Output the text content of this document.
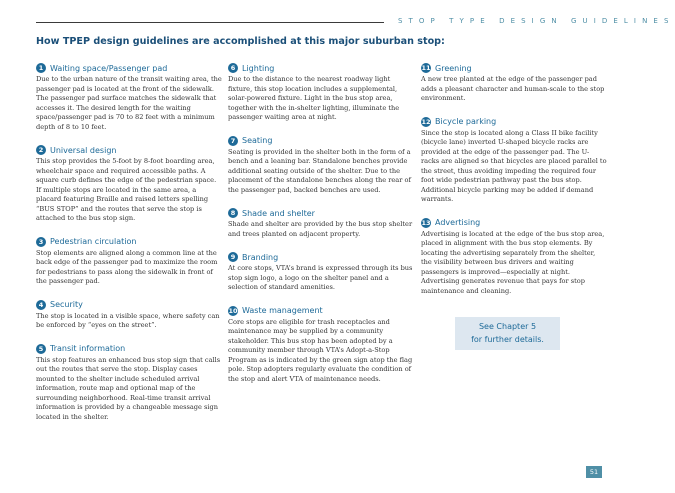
STOP TYPE DESIGN GUIDELINES
How TPEP design guidelines are accomplished at this major suburban stop:
1 Waiting space/Passenger pad

Due to the urban nature of the transit waiting area, the passenger pad is located at the front of the sidewalk. The passenger pad surface matches the sidewalk that accesses it. The desired length for the waiting space/passenger pad is 70 to 82 feet with a minimum depth of 8 to 10 feet.

2 Universal design

This stop provides the 5-foot by 8-foot boarding area, wheelchair space and required accessible paths. A square curb defines the edge of the pedestrian space. If multiple stops are located in the same area, a placard featuring Braille and raised letters spelling “BUS STOP” and the routes that serve the stop is attached to the bus stop sign.

3 Pedestrian circulation

Stop elements are aligned along a common line at the back edge of the passenger pad to maximize the room for pedestrians to pass along the sidewalk in front of the passenger pad.

4 Security

The stop is located in a visible space, where safety can be enforced by “eyes on the street”.

5 Transit information

This stop features an enhanced bus stop sign that calls out the routes that serve the stop. Display cases mounted to the shelter include scheduled arrival information, route map and optional map of the surrounding neighborhood. Real-time transit arrival information is provided by a changeable message sign located in the shelter.

6 Lighting

Due to the distance to the nearest roadway light fixture, this stop location includes a supplemental, solar-powered fixture. Light in the bus stop area, together with the in-shelter lighting, illuminate the passenger waiting area at night.

7 Seating

Seating is provided in the shelter both in the form of a bench and a leaning bar. Standalone benches provide additional seating outside of the shelter. Due to the placement of the standalone benches along the rear of the passenger pad, backed benches are used.

8 Shade and shelter

Shade and shelter are provided by the bus stop shelter and trees planted on adjacent property.

9 Branding

At core stops, VTA’s brand is expressed through its bus stop sign logo, a logo on the shelter panel and a selection of standard amenities.

10 Waste management

Core stops are eligible for trash receptacles and maintenance may be supplied by a community stakeholder. This bus stop has been adopted by a community member through VTA’s Adopt-a-Stop Program as is indicated by the green sign atop the flag pole. Stop adopters regularly evaluate the condition of the stop and alert VTA of maintenance needs.

11 Greening

A new tree planted at the edge of the passenger pad adds a pleasant character and human-scale to the stop environment.

12 Bicycle parking

Since the stop is located along a Class II bike facility (bicycle lane) inverted U-shaped bicycle racks are provided at the edge of the passenger pad. The U-racks are aligned so that bicycles are placed parallel to the street, thus avoiding impeding the required four foot wide pedestrian pathway past the bus stop. Additional bicycle parking may be added if demand warrants.

13 Advertising

Advertising is located at the edge of the bus stop area, placed in alignment with the bus stop elements. By locating the advertising separately from the shelter, the visibility between bus drivers and waiting passengers is improved—especially at night. Advertising generates revenue that pays for stop maintenance and cleaning.

See Chapter 5
for further details.
51
